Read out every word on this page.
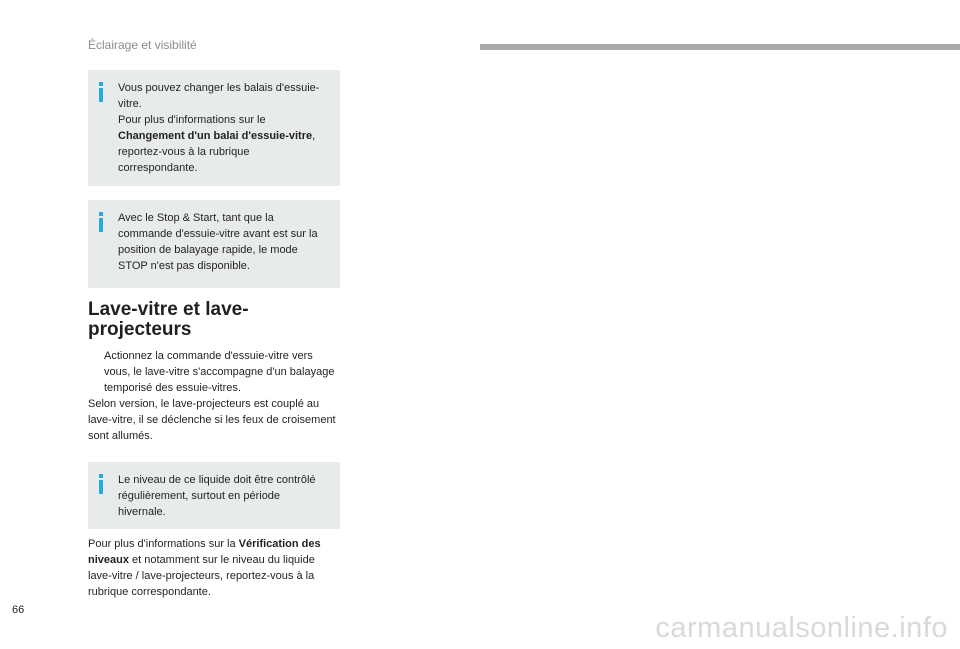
Éclairage et visibilité

Vous pouvez changer les balais d'essuie-vitre.
Pour plus d'informations sur le
Changement d'un balai d'essuie-vitre, reportez-vous à la rubrique correspondante.

Avec le Stop & Start, tant que la commande d'essuie-vitre avant est sur la position de balayage rapide, le mode STOP n'est pas disponible.

Lave-vitre et lave-projecteurs
Actionnez la commande d'essuie-vitre vers vous, le lave-vitre s'accompagne d'un balayage temporisé des essuie-vitres.

Selon version, le lave-projecteurs est couplé au lave-vitre, il se déclenche si les feux de croisement sont allumés.

Le niveau de ce liquide doit être contrôlé régulièrement, surtout en période hivernale.

Pour plus d'informations sur la Vérification des niveaux et notamment sur le niveau du liquide lave-vitre / lave-projecteurs, reportez-vous à la rubrique correspondante.

66
carmanualsonline.info
